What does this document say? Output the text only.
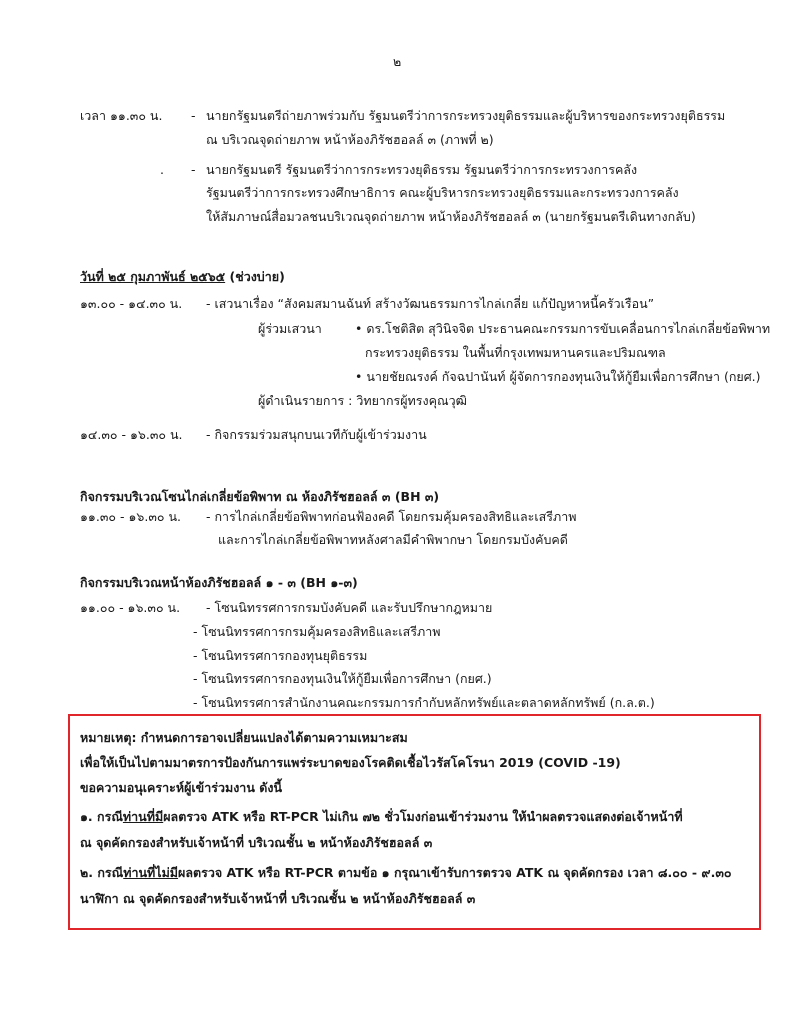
๒
เวลา ๑๑.๓๐ น. - นายกรัฐมนตรีถ่ายภาพร่วมกับ รัฐมนตรีว่าการกระทรวงยุติธรรมและผู้บริหารของกระทรวงยุติธรรม
ณ บริเวณจุดถ่ายภาพ หน้าห้องภิรัชฮอลล์ ๓ (ภาพที่ ๒)
. - นายกรัฐมนตรี รัฐมนตรีว่าการกระทรวงยุติธรรม รัฐมนตรีว่าการกระทรวงการคลัง
รัฐมนตรีว่าการกระทรวงศึกษาธิการ คณะผู้บริหารกระทรวงยุติธรรมและกระทรวงการคลัง
ให้สัมภาษณ์สื่อมวลชนบริเวณจุดถ่ายภาพ หน้าห้องภิรัชฮอลล์ ๓ (นายกรัฐมนตรีเดินทางกลับ)
วันที่ ๒๕ กุมภาพันธ์ ๒๕๖๕ (ช่วงบ่าย)
๑๓.๐๐ - ๑๔.๓๐ น. - เสวนาเรื่อง “สังคมสมานฉันท์ สร้างวัฒนธรรมการไกล่เกลี่ย แก้ปัญหาหนี้ครัวเรือน”
ผู้ร่วมเสวนา	• ดร.โชติสิต สุวินิจจิต ประธานคณะกรรมการขับเคลื่อนการไกล่เกลี่ยข้อพิพาท
กระทรวงยุติธรรม ในพื้นที่กรุงเทพมหานครและปริมณฑล
• นายชัยณรงค์ กัจฉปานันท์ ผู้จัดการกองทุนเงินให้กู้ยืมเพื่อการศึกษา (กยศ.)
ผู้ดำเนินรายการ : วิทยากรผู้ทรงคุณวุฒิ
๑๔.๓๐ - ๑๖.๓๐ น. - กิจกรรมร่วมสนุกบนเวทีกับผู้เข้าร่วมงาน
กิจกรรมบริเวณโซนไกล่เกลี่ยข้อพิพาท ณ ห้องภิรัชฮอลล์ ๓ (BH ๓)
๑๑.๓๐ - ๑๖.๓๐ น. - การไกล่เกลี่ยข้อพิพาทก่อนฟ้องคดี โดยกรมคุ้มครองสิทธิและเสรีภาพ
และการไกล่เกลี่ยข้อพิพาทหลังศาลมีคำพิพากษา โดยกรมบังคับคดี
กิจกรรมบริเวณหน้าห้องภิรัชฮอลล์ ๑ - ๓ (BH ๑-๓)
๑๑.๐๐ - ๑๖.๓๐ น. - โซนนิทรรศการกรมบังคับคดี และรับปรึกษากฎหมาย
- โซนนิทรรศการกรมคุ้มครองสิทธิและเสรีภาพ
- โซนนิทรรศการกองทุนยุติธรรม
- โซนนิทรรศการกองทุนเงินให้กู้ยืมเพื่อการศึกษา (กยศ.)
- โซนนิทรรศการสำนักงานคณะกรรมการกำกับหลักทรัพย์และตลาดหลักทรัพย์ (ก.ล.ต.)
หมายเหตุ: กำหนดการอาจเปลี่ยนแปลงได้ตามความเหมาะสม
เพื่อให้เป็นไปตามมาตรการป้องกันการแพร่ระบาดของโรคติดเชื้อไวรัสโคโรนา 2019 (COVID -19)
ขอความอนุเคราะห์ผู้เข้าร่วมงาน ดังนี้
๑. กรณีท่านที่มีผลตรวจ ATK หรือ RT-PCR ไม่เกิน ๗๒ ชั่วโมงก่อนเข้าร่วมงาน ให้นำผลตรวจแสดงต่อเจ้าหน้าที่
ณ จุดคัดกรองสำหรับเจ้าหน้าที่ บริเวณชั้น ๒ หน้าห้องภิรัชฮอลล์ ๓
๒. กรณีท่านที่ไม่มีผลตรวจ ATK หรือ RT-PCR ตามข้อ ๑ กรุณาเข้ารับการตรวจ ATK ณ จุดคัดกรอง เวลา ๘.๐๐ - ๙.๓๐
นาฬิกา ณ จุดคัดกรองสำหรับเจ้าหน้าที่ บริเวณชั้น ๒ หน้าห้องภิรัชฮอลล์ ๓
